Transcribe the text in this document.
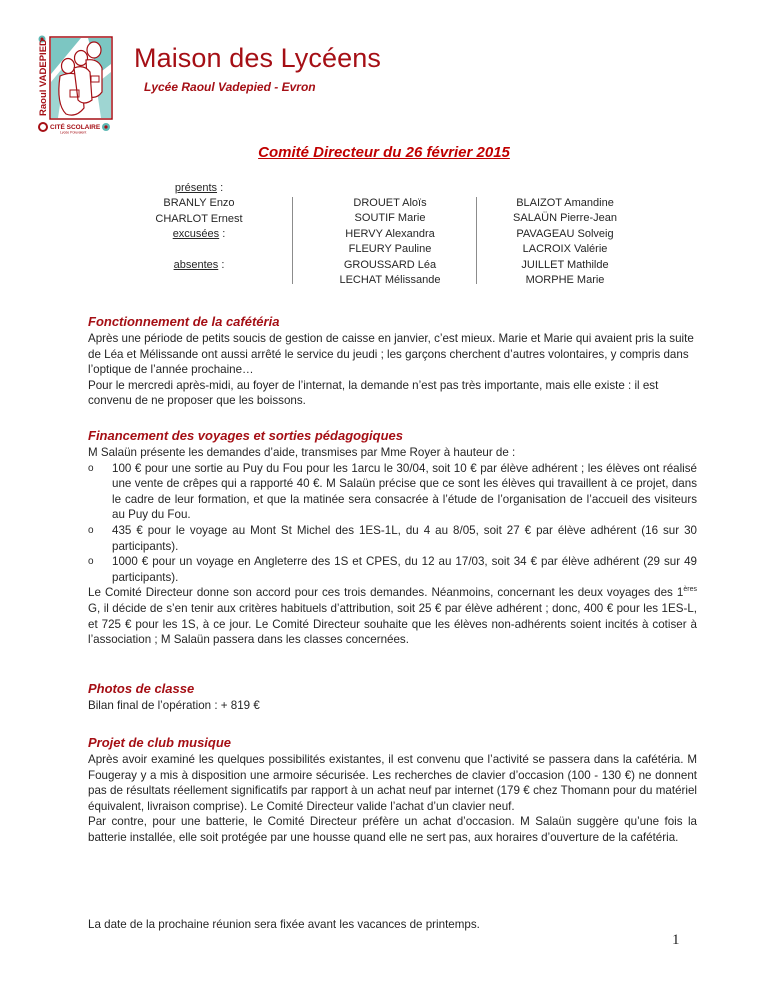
Raoul VADEPIED
CITÉ SCOLAIRE
Lycée Polyvalent
Maison des Lycéens
Lycée Raoul Vadepied - Evron
Comité Directeur du 26 février 2015
présents :
BRANLY Enzo
CHARLOT Ernest
excusées :
absentes :
DROUET Aloïs
SOUTIF Marie
HERVY Alexandra
FLEURY Pauline
GROUSSARD Léa
LECHAT Mélissande
BLAIZOT Amandine
SALAÜN Pierre-Jean
PAVAGEAU Solveig
LACROIX Valérie
JUILLET Mathilde
MORPHE Marie
Fonctionnement de la cafétéria

Après une période de petits soucis de gestion de caisse en janvier, c’est mieux. Marie et Marie qui avaient pris la suite de Léa et Mélissande ont aussi arrêté le service du jeudi ; les garçons cherchent d’autres volontaires, y compris dans l’optique de l’année prochaine…

Pour le mercredi après-midi, au foyer de l’internat, la demande n’est pas très importante, mais elle existe : il est convenu de ne proposer que les boissons.

Financement des voyages et sorties pédagogiques

M Salaün présente les demandes d’aide, transmises par Mme Royer à hauteur de :

o 100 € pour une sortie au Puy du Fou pour les 1arcu le 30/04, soit 10 € par élève adhérent ; les élèves ont réalisé une vente de crêpes qui a rapporté 40 €. M Salaün précise que ce sont les élèves qui travaillent à ce projet, dans le cadre de leur formation, et que la matinée sera consacrée à l’étude de l’organisation de l’accueil des visiteurs au Puy du Fou.
o 435 € pour le voyage au Mont St Michel des 1ES-1L, du 4 au 8/05, soit 27 € par élève adhérent (16 sur 30 participants).
o 1000 € pour un voyage en Angleterre des 1S et CPES, du 12 au 17/03, soit 34 € par élève adhérent (29 sur 49 participants).

Le Comité Directeur donne son accord pour ces trois demandes. Néanmoins, concernant les deux voyages des 1ères G, il décide de s’en tenir aux critères habituels d’attribution, soit 25 € par élève adhérent ; donc, 400 € pour les 1ES-L, et 725 € pour les 1S, à ce jour. Le Comité Directeur souhaite que les élèves non-adhérents soient incités à cotiser à l’association ; M Salaün passera dans les classes concernées.

Photos de classe

Bilan final de l’opération : + 819 €

Projet de club musique

Après avoir examiné les quelques possibilités existantes, il est convenu que l’activité se passera dans la cafétéria. M Fougeray y a mis à disposition une armoire sécurisée. Les recherches de clavier d’occasion (100 - 130 €) ne donnent pas de résultats réellement significatifs par rapport à un achat neuf par internet (179 € chez Thomann pour du matériel équivalent, livraison comprise). Le Comité Directeur valide l’achat d’un clavier neuf.

Par contre, pour une batterie, le Comité Directeur préfère un achat d’occasion. M Salaün suggère qu’une fois la batterie installée, elle soit protégée par une housse quand elle ne sert pas, aux horaires d’ouverture de la cafétéria.

La date de la prochaine réunion sera fixée avant les vacances de printemps.

1
